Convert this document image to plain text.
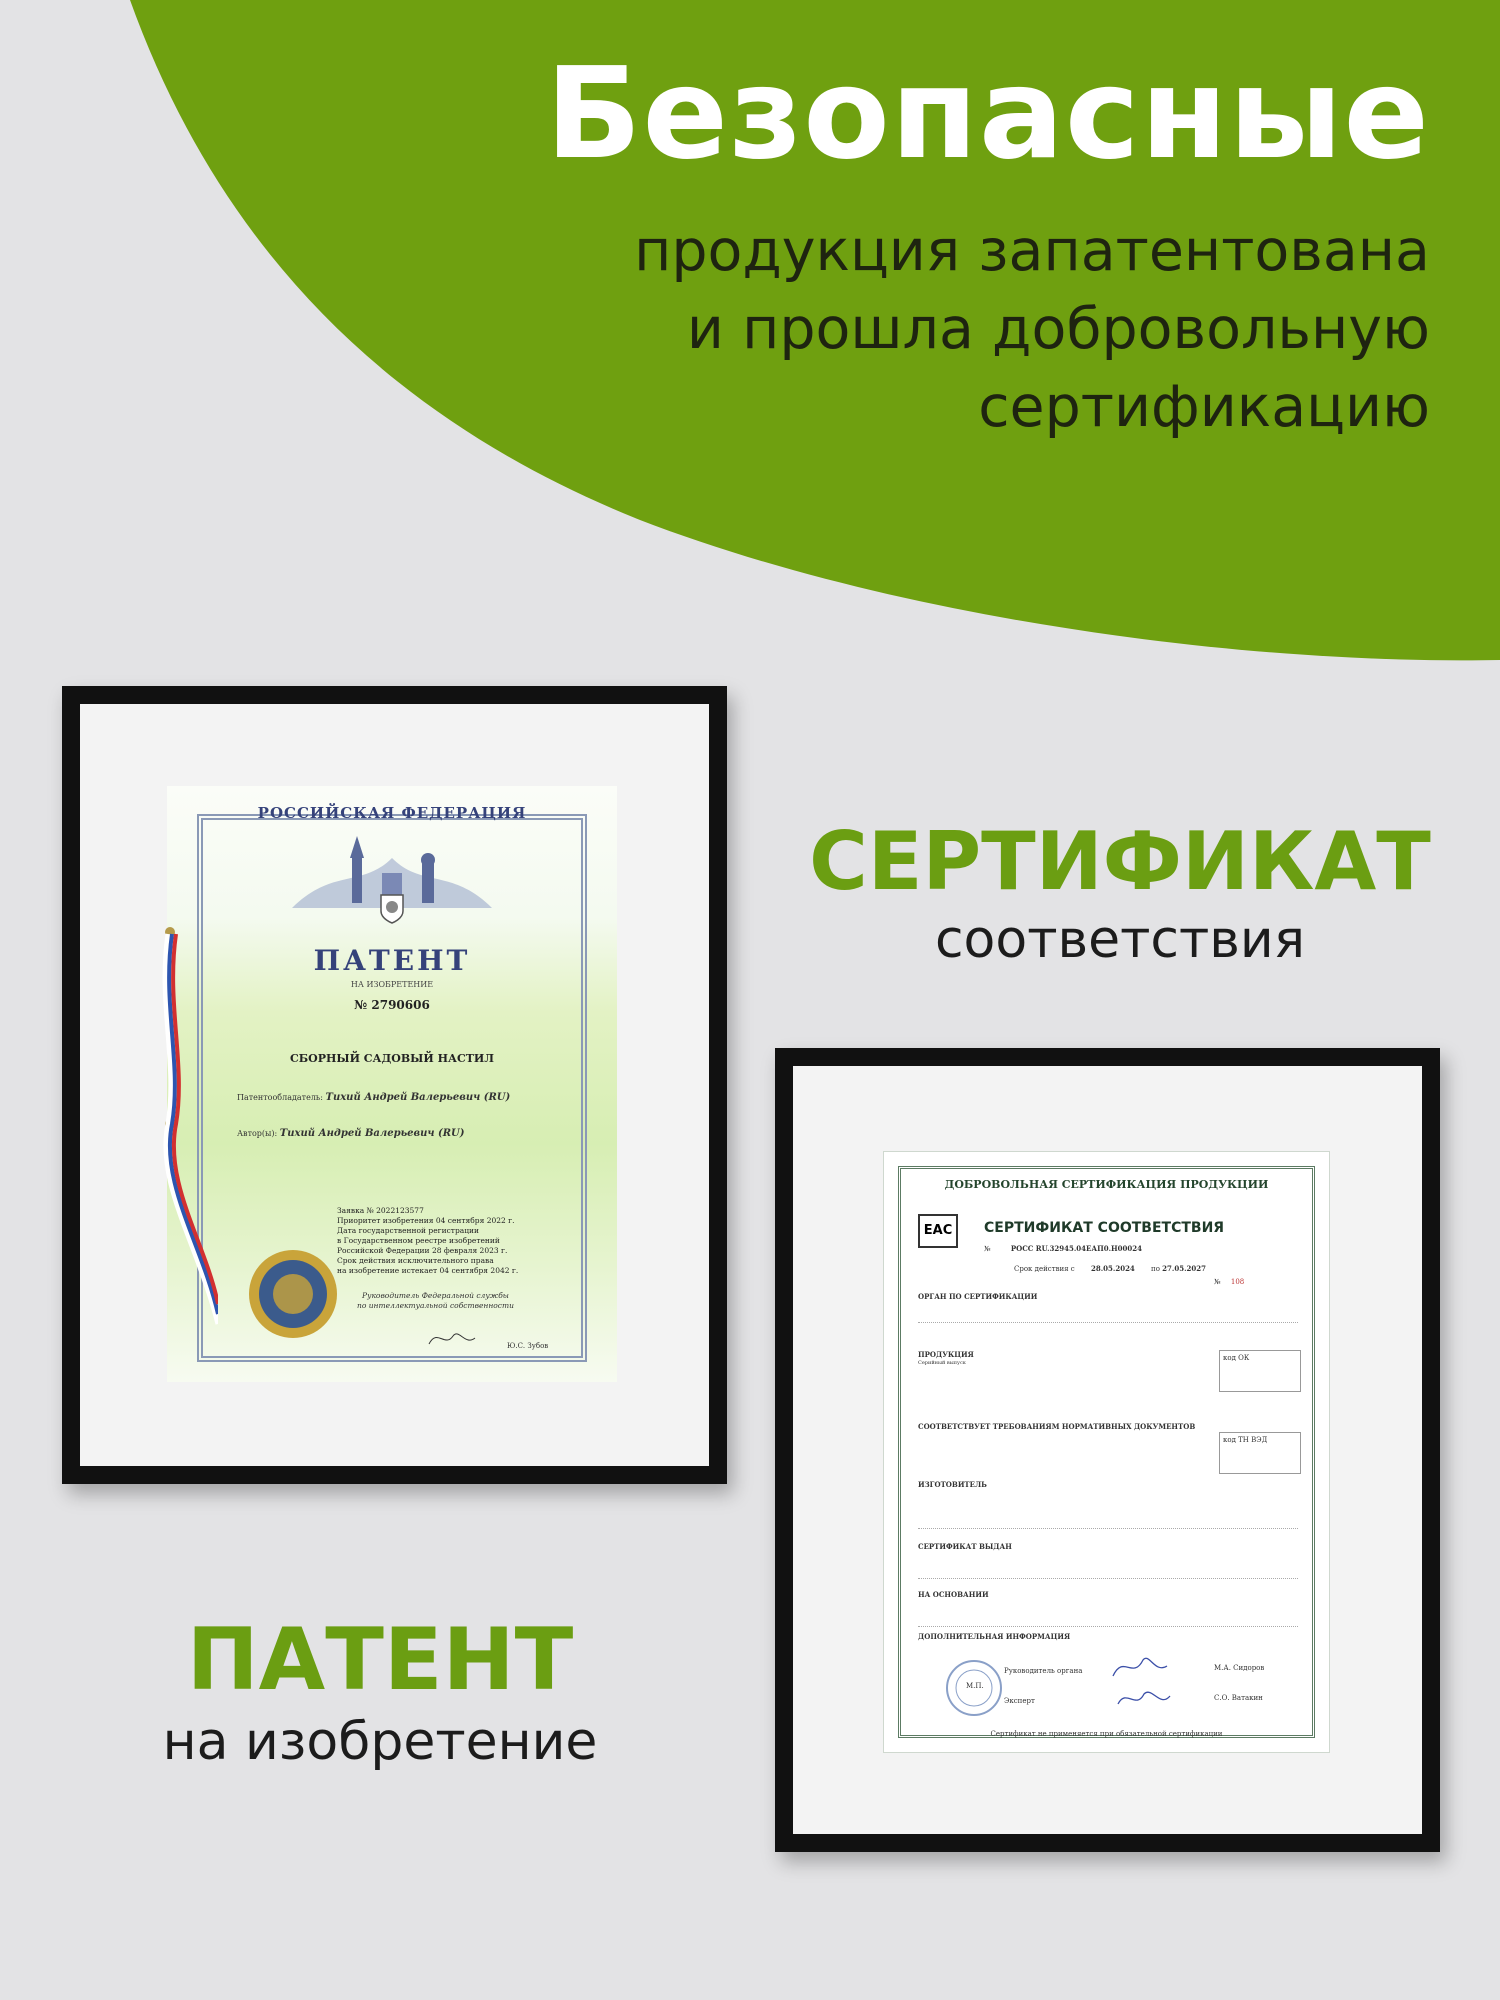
Безопасные
продукция запатентована
и прошла добровольную
сертификацию
РОССИЙСКАЯ ФЕДЕРАЦИЯ
ПАТЕНТ
НА ИЗОБРЕТЕНИЕ
№ 2790606
СБОРНЫЙ САДОВЫЙ НАСТИЛ
Патентообладатель: Тихий Андрей Валерьевич (RU)
Автор(ы): Тихий Андрей Валерьевич (RU)
Заявка № 2022123577
Приоритет изобретения 04 сентября 2022 г.
Дата государственной регистрации
в Государственном реестре изобретений
Российской Федерации 28 февраля 2023 г.
Срок действия исключительного права
на изобретение истекает 04 сентября 2042 г.
Руководитель Федеральной службы
по интеллектуальной собственности
Ю.С. Зубов
ДОБРОВОЛЬНАЯ СЕРТИФИКАЦИЯ ПРОДУКЦИИ
ЕАС	СЕРТИФИКАТ СООТВЕТСТВИЯ
№	РОСС RU.32945.04ЕАП0.Н00024
Срок действия с 28.05.2024 по 27.05.2027
№ 108
ОРГАН ПО СЕРТИФИКАЦИИ
ПРОДУКЦИЯ
Серийный выпуск
код ОК
СООТВЕТСТВУЕТ ТРЕБОВАНИЯМ НОРМАТИВНЫХ ДОКУМЕНТОВ
код ТН ВЭД
ИЗГОТОВИТЕЛЬ
СЕРТИФИКАТ ВЫДАН
НА ОСНОВАНИИ
ДОПОЛНИТЕЛЬНАЯ ИНФОРМАЦИЯ
М.П.
Руководитель органа
Эксперт
М.А. Сидоров
С.О. Ватакин
Сертификат не применяется при обязательной сертификации
СЕРТИФИКАТ
соответствия
ПАТЕНТ
на изобретение
